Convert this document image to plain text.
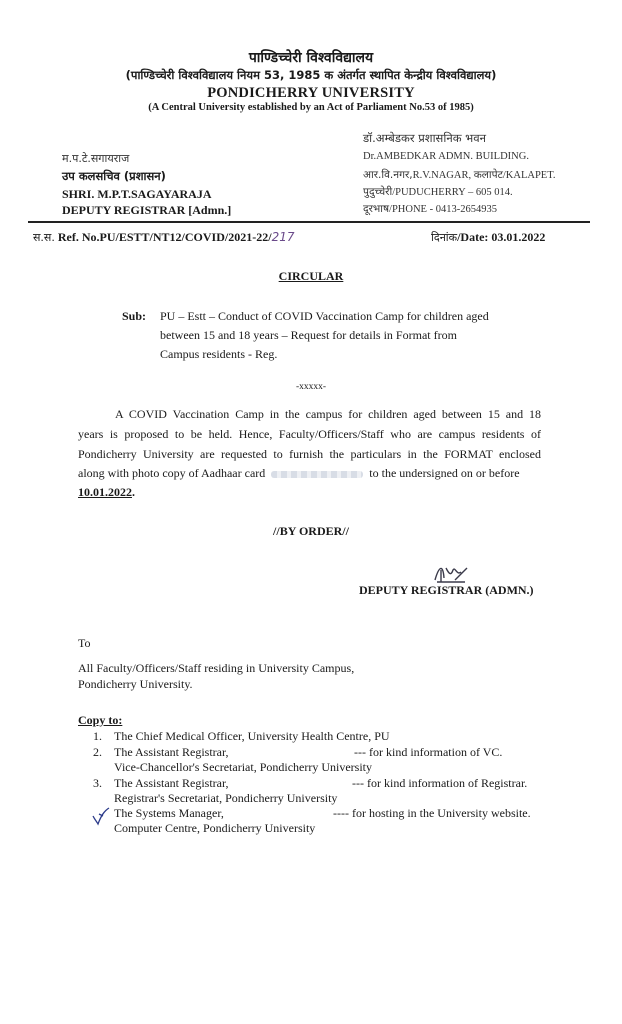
पाण्डिच्चेरी विश्वविद्यालय
(पाण्डिच्चेरी विश्वविद्यालय नियम 53, 1985 क अंतर्गत स्थापित केन्द्रीय विश्वविद्यालय)
PONDICHERRY UNIVERSITY
(A Central University established by an Act of Parliament No.53 of 1985)
म.प.टे.सगायराज
उप कलसचिव (प्रशासन)
SHRI. M.P.T.SAGAYARAJA
DEPUTY REGISTRAR [Admn.]
डॉ.अम्बेडकर प्रशासनिक भवन
Dr.AMBEDKAR ADMN. BUILDING.
आर.वि.नगर,R.V.NAGAR, कलापेट/KALAPET.
पुदुच्चेरी/PUDUCHERRY – 605 014.
दूरभाष/PHONE - 0413-2654935
स.स. Ref. No.PU/ESTT/NT12/COVID/2021-22/217	दिनांक/Date: 03.01.2022
CIRCULAR
Sub: PU – Estt – Conduct of COVID Vaccination Camp for children aged
between 15 and 18 years – Request for details in Format from
Campus residents - Reg.
-xxxxx-
A COVID Vaccination Camp in the campus for children aged between 15 and 18
years is proposed to be held. Hence, Faculty/Officers/Staff who are campus residents of
Pondicherry University are requested to furnish the particulars in the FORMAT enclosed
along with photo copy of Aadhaar card	to the undersigned on or before
10.01.2022.
//BY ORDER//
DEPUTY REGISTRAR (ADMN.)
To
All Faculty/Officers/Staff residing in University Campus,
Pondicherry University.
Copy to:
1. The Chief Medical Officer, University Health Centre, PU
2. The Assistant Registrar,	--- for kind information of VC.
Vice-Chancellor's Secretariat, Pondicherry University
3. The Assistant Registrar,	--- for kind information of Registrar.
Registrar's Secretariat, Pondicherry University
The Systems Manager,	---- for hosting in the University website.
Computer Centre, Pondicherry University
